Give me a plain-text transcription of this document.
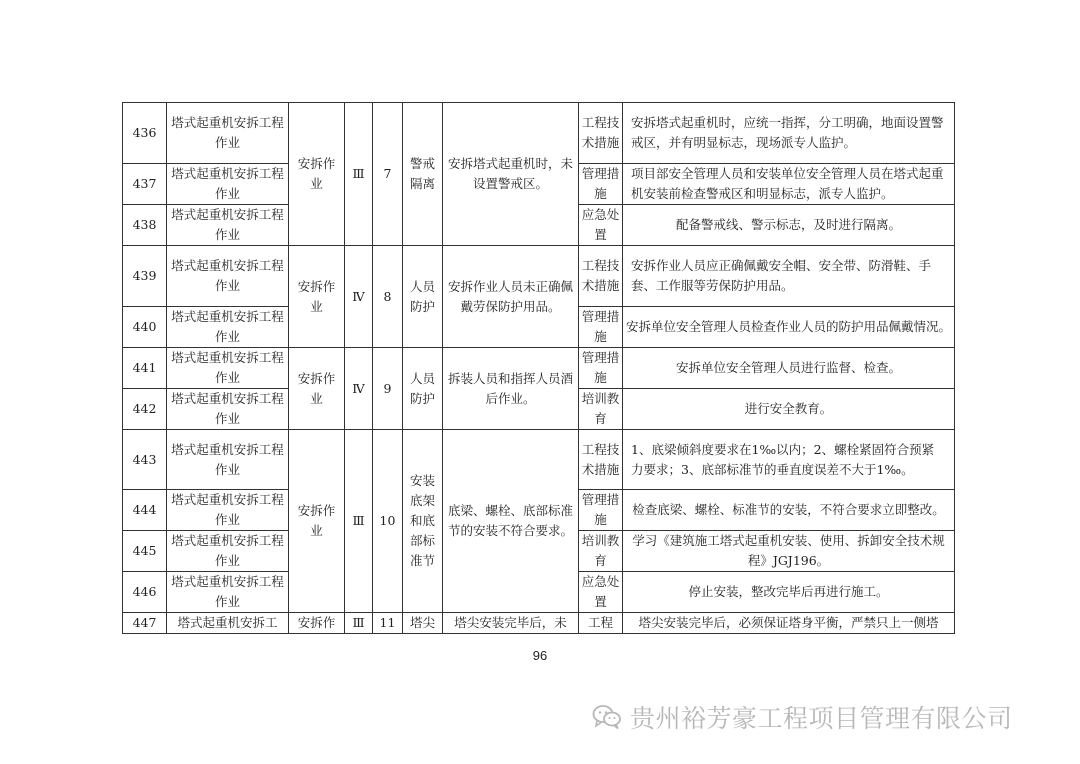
436	塔式起重机安拆工程作业	安拆作业	Ⅲ	7	警戒隔离	安拆塔式起重机时，未设置警戒区。	工程技术措施	安拆塔式起重机时，应统一指挥，分工明确，地面设置警戒区，并有明显标志，现场派专人监护。

437	塔式起重机安拆工程作业						管理措施	项目部安全管理人员和安装单位安全管理人员在塔式起重机安装前检查警戒区和明显标志，派专人监护。

438	塔式起重机安拆工程作业						应急处置	配备警戒线、警示标志，及时进行隔离。
439	塔式起重机安拆工程作业	安拆作业	Ⅳ	8	人员防护	安拆作业人员未正确佩戴劳保防护用品。	工程技术措施	安拆作业人员应正确佩戴安全帽、安全带、防滑鞋、手套、工作服等劳保防护用品。

440	塔式起重机安拆工程作业						管理措施	安拆单位安全管理人员检查作业人员的防护用品佩戴情况。
441	塔式起重机安拆工程作业	安拆作业	Ⅳ	9	人员防护	拆装人员和指挥人员酒后作业。	管理措施	安拆单位安全管理人员进行监督、检查。
442	塔式起重机安拆工程作业						培训教育	进行安全教育。
443	塔式起重机安拆工程作业	安拆作业	Ⅲ	10	安装底架和底部标准节	底梁、螺栓、底部标准节的安装不符合要求。	工程技术措施	1、底梁倾斜度要求在1‰以内；2、螺栓紧固符合预紧力要求；3、底部标准节的垂直度误差不大于1‰。

444	塔式起重机安拆工程作业						管理措施	检查底梁、螺栓、标准节的安装，不符合要求立即整改。
445	塔式起重机安拆工程作业						培训教育	学习《建筑施工塔式起重机安装、使用、拆卸安全技术规程》JGJ196。
446	塔式起重机安拆工程作业						应急处置	停止安装，整改完毕后再进行施工。
447	塔式起重机安拆工	安拆作	Ⅲ	11	塔尖	塔尖安装完毕后，未	工程	塔尖安装完毕后，必须保证塔身平衡，严禁只上一侧塔
96
贵州裕芳豪工程项目管理有限公司
